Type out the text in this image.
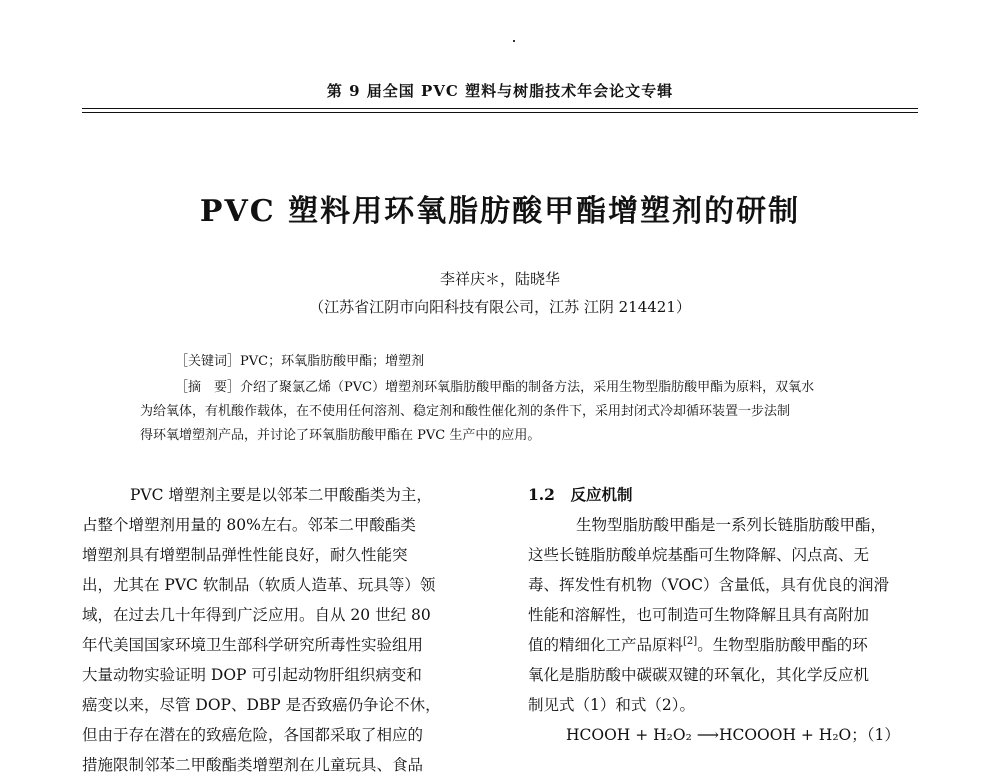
第 9 届全国 PVC 塑料与树脂技术年会论文专辑
PVC 塑料用环氧脂肪酸甲酯增塑剂的研制
李祥庆＊，陆晓华
（江苏省江阴市向阳科技有限公司，江苏 江阴 214421）
［关键词］PVC；环氧脂肪酸甲酯；增塑剂
［摘　要］介绍了聚氯乙烯（PVC）增塑剂环氧脂肪酸甲酯的制备方法，采用生物型脂肪酸甲酯为原料，双氧水
为给氧体，有机酸作载体，在不使用任何溶剂、稳定剂和酸性催化剂的条件下，采用封闭式冷却循环装置一步法制
得环氧增塑剂产品，并讨论了环氧脂肪酸甲酯在 PVC 生产中的应用。

PVC 增塑剂主要是以邻苯二甲酸酯类为主，

占整个增塑剂用量的 80%左右。邻苯二甲酸酯类

增塑剂具有增塑制品弹性性能良好，耐久性能突

出，尤其在 PVC 软制品（软质人造革、玩具等）领

域，在过去几十年得到广泛应用。自从 20 世纪 80

年代美国国家环境卫生部科学研究所毒性实验组用

大量动物实验证明 DOP 可引起动物肝组织病变和

癌变以来，尽管 DOP、DBP 是否致癌仍争论不休，

但由于存在潜在的致癌危险，各国都采取了相应的

措施限制邻苯二甲酸酯类增塑剂在儿童玩具、食品

1.2　反应机制

生物型脂肪酸甲酯是一系列长链脂肪酸甲酯，

这些长链脂肪酸单烷基酯可生物降解、闪点高、无

毒、挥发性有机物（VOC）含量低，具有优良的润滑

性能和溶解性，也可制造可生物降解且具有高附加

值的精细化工产品原料[2]。生物型脂肪酸甲酯的环

氧化是脂肪酸中碳碳双键的环氧化，其化学反应机

制见式（1）和式（2）。

HCOOH + H₂O₂ ⟶HCOOOH + H₂O；（1）
